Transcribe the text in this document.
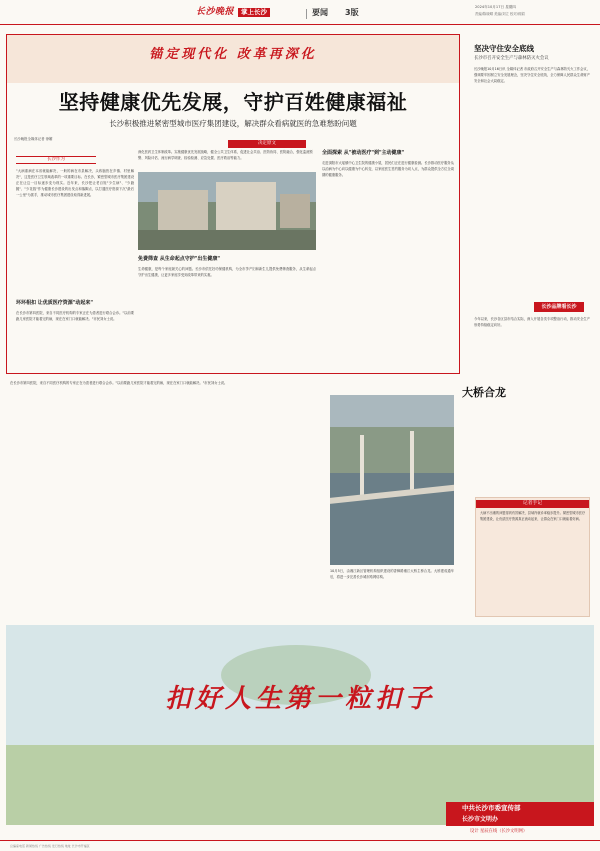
长沙晚报	掌上长沙	要闻 3版
2024年10月17日 星期四
责编/陈晓晴 美编/刘立 校对/蒋娟
锚定现代化 改革再深化
坚持健康优先发展，守护百姓健康福祉
长沙积极推进紧密型城市医疗集团建设，解决群众看病就医的急难愁盼问题
长沙晚报全媒体记者 徐媚
决定原文
长沙作为
"大病重病在本省就能解决，一般的病在市县解决，头疼脑热在乡镇、村里解决"，这是医疗卫生领域改革的一项重要目标。在长沙，紧密型城市医疗集团建设正在让这一目标逐步变为现实。近年来，长沙把让老百姓"少生病"、"少跑腿"、"少花钱"作为健康长沙建设的出发点和落脚点，以打通医疗资源下沉"最后一公里"为抓手，推动城市医疗集团建设取得新进展。
环环相扣 让优质医疗资源"动起来"
在长沙市第四医院，来自不同医疗机构的专家正在为患者进行联合会诊。"以前要跑几家医院才能看完的病，现在在家门口就能解决。"市民刘女士说。
深化医药卫生体制改革。实施健康优先发展战略，健全公共卫生体系，促进社会共治、医防协同、医防融合，强化监测预警、风险评估、流行病学调查、检验检测、应急处置、医疗救治等能力。
免费筛查 从生命起点守护"出生健康"
生命健康，是每个家庭最关心的问题。长沙市依托妇幼保健机构，为全市孕产妇和新生儿提供免费筛查服务，从生命起点守护出生健康，让更多家庭享受到改革带来的实惠。
全面探索 从"被动医疗"到"主动健康"
走进浏阳市大瑶镇中心卫生院的健康小屋，居民们正在进行健康检测。长沙推动医疗服务从以治病为中心向以健康为中心转变，以家庭医生签约服务为切入点，为群众提供全方位全周期的健康服务。
在长沙市第四医院，来自不同医疗机构的专家正在为患者进行联合会诊。"以前要跑几家医院才能看完的病，现在在家门口就能解决。"市民刘女士说。
大桥合龙
坚决守住安全底线
长沙市召开安全生产与森林防灭火会议
长沙晚报10月16日讯 全媒体记者 市政府召开安全生产与森林防灭火工作会议，强调要牢固树立安全发展理念，坚决守住安全底线，全力保障人民群众生命财产安全和社会大局稳定。
长沙品牌看长沙
今年以来，长沙各区县市结合实际，深入开展各类专项整治行动，推动安全生产形势持续稳定向好。
记者手记
大病不出湘的问题得到有效解决，县域内就诊率稳步提升。紧密型城市医疗集团建设，让优质医疗资源真正流动起来，让群众在家门口就能看好病。
10月5日，由湘江新区管理机构组织建设的香樟路湘江大桥主桥合龙。大桥建成通车后，将进一步完善长沙城市路网结构。
扣好人生第一粒扣子
中共长沙市委宣传部
长沙市文明办
设计 星辰在线（长沙文明网）
总编室电话 新闻热线 广告热线 发行热线 地址 长沙市开福区
